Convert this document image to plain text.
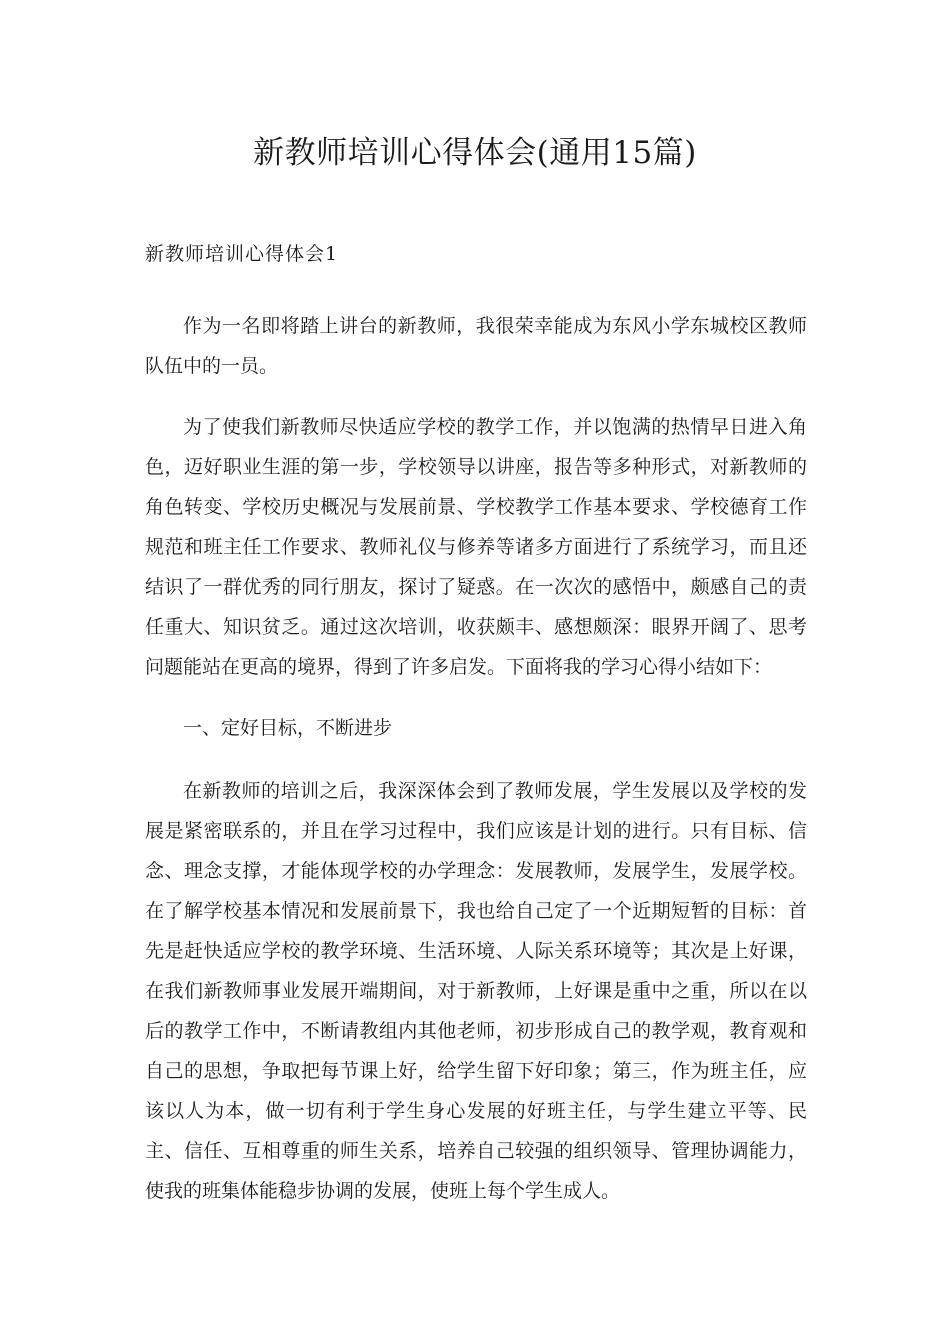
新教师培训心得体会(通用15篇)
新教师培训心得体会1

作为一名即将踏上讲台的新教师，我很荣幸能成为东风小学东城校区教师队伍中的一员。

为了使我们新教师尽快适应学校的教学工作，并以饱满的热情早日进入角色，迈好职业生涯的第一步，学校领导以讲座，报告等多种形式，对新教师的角色转变、学校历史概况与发展前景、学校教学工作基本要求、学校德育工作规范和班主任工作要求、教师礼仪与修养等诸多方面进行了系统学习，而且还结识了一群优秀的同行朋友，探讨了疑惑。在一次次的感悟中，颇感自己的责任重大、知识贫乏。通过这次培训，收获颇丰、感想颇深：眼界开阔了、思考问题能站在更高的境界，得到了许多启发。下面将我的学习心得小结如下：

一、定好目标，不断进步

在新教师的培训之后，我深深体会到了教师发展，学生发展以及学校的发展是紧密联系的，并且在学习过程中，我们应该是计划的进行。只有目标、信念、理念支撑，才能体现学校的办学理念：发展教师，发展学生，发展学校。在了解学校基本情况和发展前景下，我也给自己定了一个近期短暂的目标：首先是赶快适应学校的教学环境、生活环境、人际关系环境等；其次是上好课，在我们新教师事业发展开端期间，对于新教师，上好课是重中之重，所以在以后的教学工作中，不断请教组内其他老师，初步形成自己的教学观，教育观和自己的思想，争取把每节课上好，给学生留下好印象；第三，作为班主任，应该以人为本，做一切有利于学生身心发展的好班主任，与学生建立平等、民主、信任、互相尊重的师生关系，培养自己较强的组织领导、管理协调能力，使我的班集体能稳步协调的发展，使班上每个学生成人。
